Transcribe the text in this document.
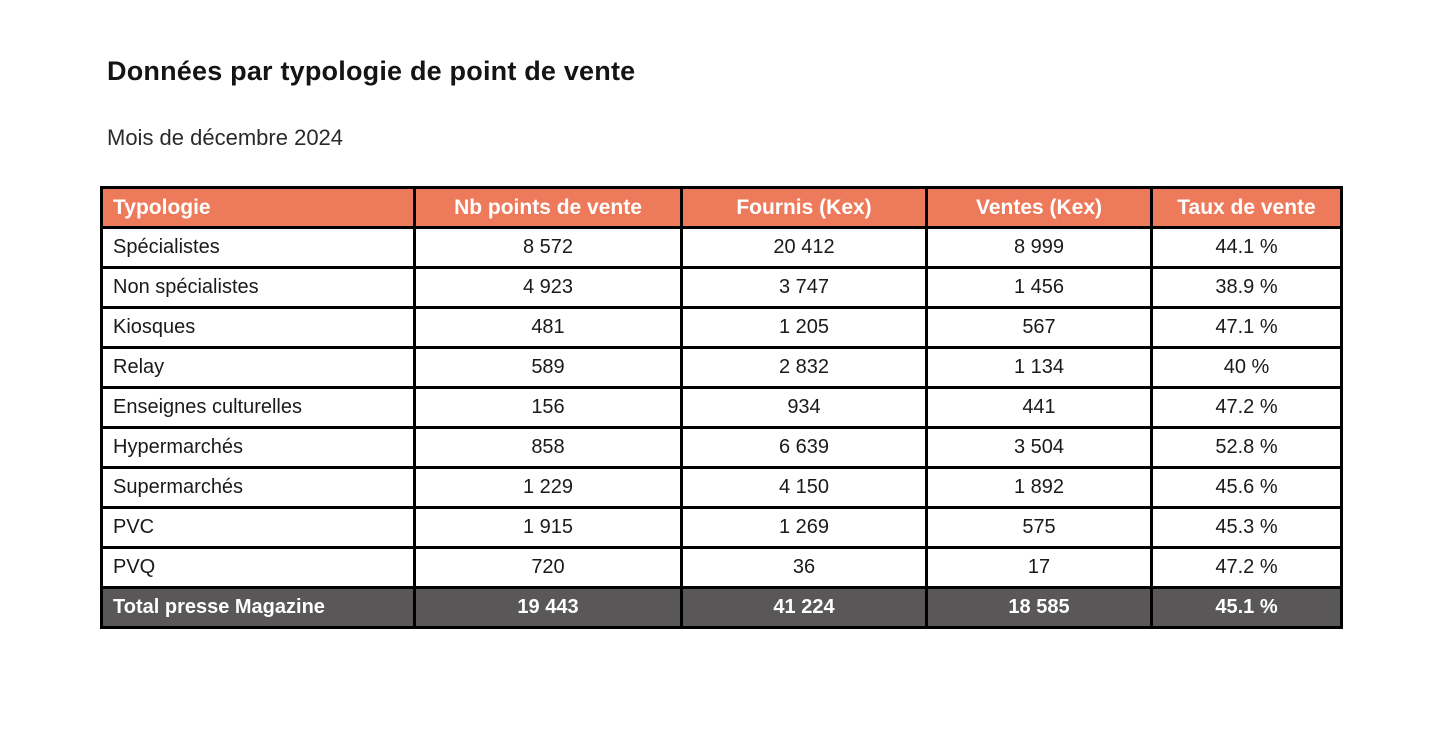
Données par typologie de point de vente
Mois de décembre 2024
Typologie	Nb points de vente	Fournis (Kex)	Ventes (Kex)	Taux de vente
Spécialistes	8 572	20 412	8 999	44.1 %
Non spécialistes	4 923	3 747	1 456	38.9 %
Kiosques	481	1 205	567	47.1 %
Relay	589	2 832	1 134	40 %
Enseignes culturelles	156	934	441	47.2 %
Hypermarchés	858	6 639	3 504	52.8 %
Supermarchés	1 229	4 150	1 892	45.6 %
PVC	1 915	1 269	575	45.3 %
PVQ	720	36	17	47.2 %
Total presse Magazine	19 443	41 224	18 585	45.1 %
